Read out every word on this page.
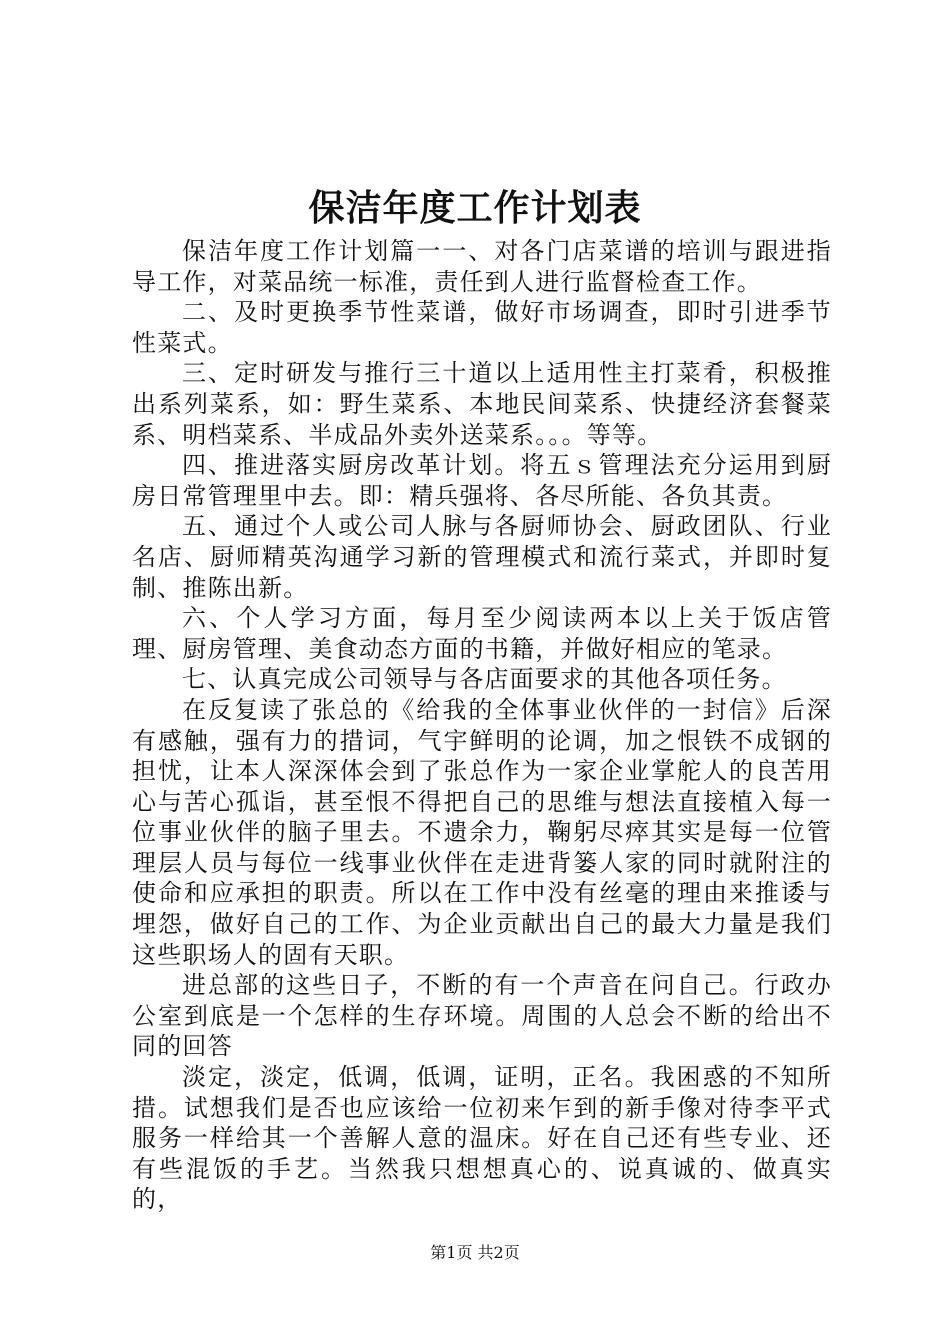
保洁年度工作计划表

保洁年度工作计划篇一一、对各门店菜谱的培训与跟进指导工作，对菜品统一标准，责任到人进行监督检查工作。

二、及时更换季节性菜谱，做好市场调查，即时引进季节性菜式。

三、定时研发与推行三十道以上适用性主打菜肴，积极推出系列菜系，如：野生菜系、本地民间菜系、快捷经济套餐菜系、明档菜系、半成品外卖外送菜系。。。等等。

四、推进落实厨房改革计划。将五ｓ管理法充分运用到厨房日常管理里中去。即：精兵强将、各尽所能、各负其责。

五、通过个人或公司人脉与各厨师协会、厨政团队、行业名店、厨师精英沟通学习新的管理模式和流行菜式，并即时复制、推陈出新。

六、个人学习方面，每月至少阅读两本以上关于饭店管理、厨房管理、美食动态方面的书籍，并做好相应的笔录。

七、认真完成公司领导与各店面要求的其他各项任务。

在反复读了张总的《给我的全体事业伙伴的一封信》后深有感触，强有力的措词，气宇鲜明的论调，加之恨铁不成钢的担忧，让本人深深体会到了张总作为一家企业掌舵人的良苦用心与苦心孤诣，甚至恨不得把自己的思维与想法直接植入每一位事业伙伴的脑子里去。不遗余力，鞠躬尽瘁其实是每一位管理层人员与每位一线事业伙伴在走进背篓人家的同时就附注的使命和应承担的职责。所以在工作中没有丝毫的理由来推诿与埋怨，做好自己的工作、为企业贡献出自己的最大力量是我们这些职场人的固有天职。

进总部的这些日子，不断的有一个声音在问自己。行政办公室到底是一个怎样的生存环境。周围的人总会不断的给出不同的回答

淡定，淡定，低调，低调，证明，正名。我困惑的不知所措。试想我们是否也应该给一位初来乍到的新手像对待李平式服务一样给其一个善解人意的温床。好在自己还有些专业、还有些混饭的手艺。当然我只想想真心的、说真诚的、做真实的，

第1页 共2页
